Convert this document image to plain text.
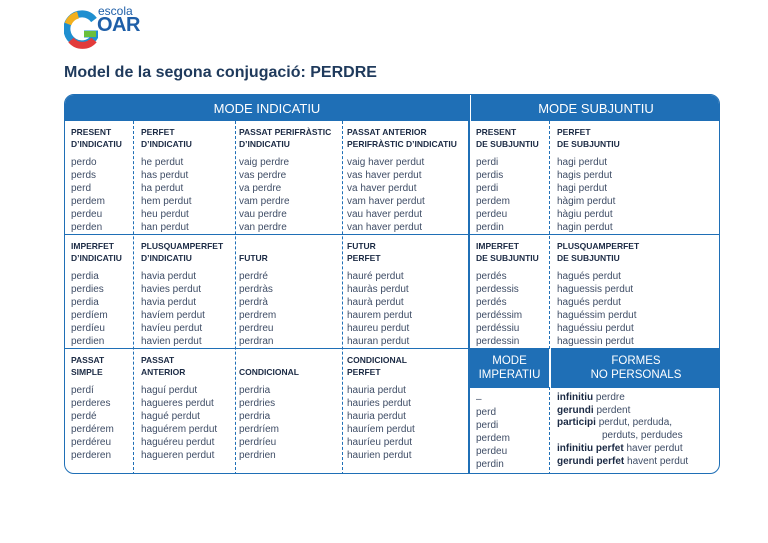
escola
OAR
Model de la segona conjugació: PERDRE
MODE INDICATIU	MODE SUBJUNTIU
PRESENT
D’INDICATIU
perdo
perds
perd
perdem
perdeu
perden
PERFET
D’INDICATIU
he perdut
has perdut
ha perdut
hem perdut
heu perdut
han perdut
PASSAT PERIFRÀSTIC
D’INDICATIU
vaig perdre
vas perdre
va perdre
vam perdre
vau perdre
van perdre
PASSAT ANTERIOR
PERIFRÀSTIC D’INDICATIU
vaig haver perdut
vas haver perdut
va haver perdut
vam haver perdut
vau haver perdut
van haver perdut
PRESENT
DE SUBJUNTIU
perdi
perdis
perdi
perdem
perdeu
perdin
PERFET
DE SUBJUNTIU
hagi perdut
hagis perdut
hagi perdut
hàgim perdut
hàgiu perdut
hagin perdut
IMPERFET
D’INDICATIU
perdia
perdies
perdia
perdíem
perdíeu
perdien
PLUSQUAMPERFET
D’INDICATIU
havia perdut
havies perdut
havia perdut
havíem perdut
havíeu perdut
havien perdut
FUTUR
perdré
perdràs
perdrà
perdrem
perdreu
perdran
FUTUR
PERFET
hauré perdut
hauràs perdut
haurà perdut
haurem perdut
haureu perdut
hauran perdut
IMPERFET
DE SUBJUNTIU
perdés
perdessis
perdés
perdéssim
perdéssiu
perdessin
PLUSQUAMPERFET
DE SUBJUNTIU
hagués perdut
haguessis perdut
hagués perdut
haguéssim perdut
haguéssiu perdut
haguessin perdut
PASSAT
SIMPLE
perdí
perderes
perdé
perdérem
perdéreu
perderen
PASSAT
ANTERIOR
haguí perdut
hagueres perdut
hagué perdut
haguérem perdut
haguéreu perdut
hagueren perdut
CONDICIONAL
perdria
perdries
perdria
perdríem
perdríeu
perdrien
CONDICIONAL
PERFET
hauria perdut
hauries perdut
hauria perdut
hauríem perdut
hauríeu perdut
haurien perdut
MODE
IMPERATIU
FORMES
NO PERSONALS
–
perd
perdi
perdem
perdeu
perdin
infinitiu perdre
gerundi perdent
participi perdut, perduda,
perduts, perdudes
infinitiu perfet haver perdut
gerundi perfet havent perdut
